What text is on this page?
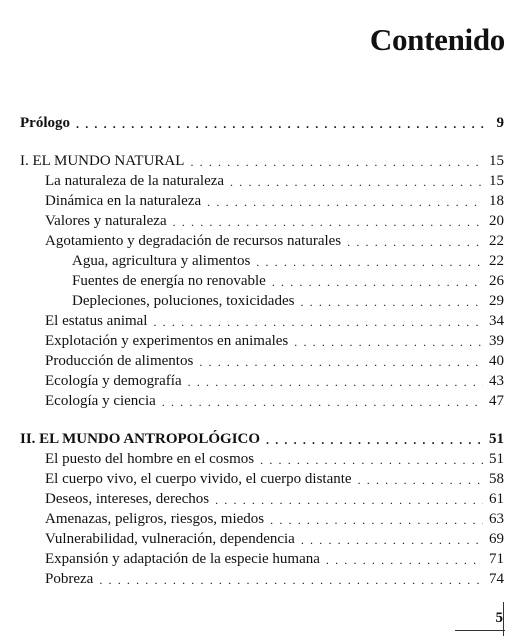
Contenido
Prólogo . . .	9
I. EL MUNDO NATURAL . . .	15
La naturaleza de la naturaleza . . .	15
Dinámica en la naturaleza . . .	18
Valores y naturaleza . . .	20
Agotamiento y degradación de recursos naturales . . .	22
Agua, agricultura y alimentos . . .	22
Fuentes de energía no renovable . . .	26
Depleciones, poluciones, toxicidades . . .	29
El estatus animal . . .	34
Explotación y experimentos en animales . . .	39
Producción de alimentos . . .	40
Ecología y demografía . . .	43
Ecología y ciencia . . .	47
II. EL MUNDO ANTROPOLÓGICO . . .	51
El puesto del hombre en el cosmos . . .	51
El cuerpo vivo, el cuerpo vivido, el cuerpo distante . . .	58
Deseos, intereses, derechos . . .	61
Amenazas, peligros, riesgos, miedos . . .	63
Vulnerabilidad, vulneración, dependencia . . .	69
Expansión y adaptación de la especie humana . . .	71
Pobreza . . .	74
5
